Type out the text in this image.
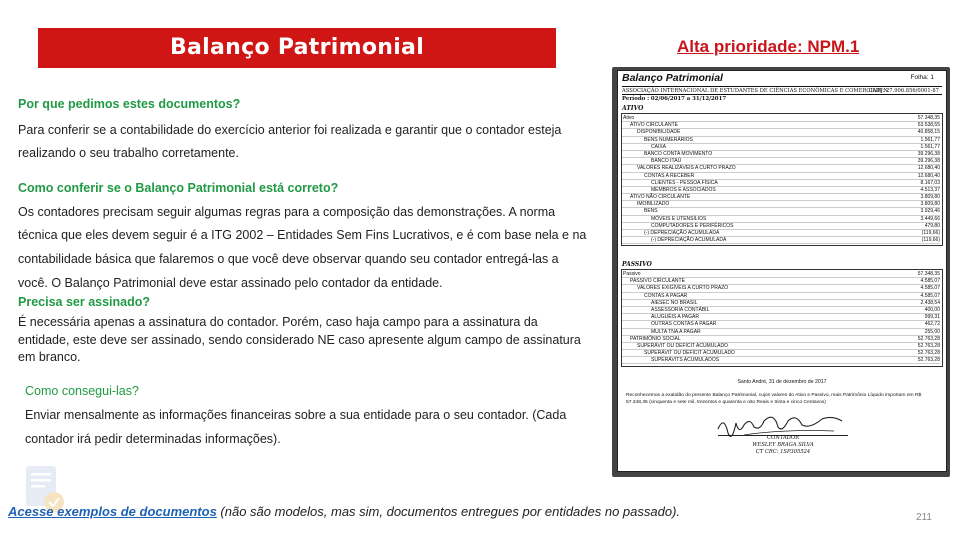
Balanço Patrimonial	Alta prioridade: NPM.1
Por que pedimos estes documentos?
Para conferir se a contabilidade do exercício anterior foi realizada e garantir que o contador esteja
realizando o seu trabalho corretamente.
Como conferir se o Balanço Patrimonial está correto?
Os contadores precisam seguir algumas regras para a composição das demonstrações. A norma
técnica que eles devem seguir é a ITG 2002 – Entidades Sem Fins Lucrativos, e é com base nela e na
contabilidade básica que falaremos o que você deve observar quando seu contador entregá-las a
você. O Balanço Patrimonial deve estar assinado pelo contador da entidade.
Precisa ser assinado?
É necessária apenas a assinatura do contador. Porém, caso haja campo para a assinatura da
entidade, este deve ser assinado, sendo considerado NE caso apresente algum campo de assinatura
em branco.
Como consegui-las?
Enviar mensalmente as informações financeiras sobre a sua entidade para o seu contador. (Cada
contador irá pedir determinadas informações).
Balanço Patrimonial	Folha: 1
ASSOCIAÇÃO INTERNACIONAL DE ESTUDANTES DE CIÊNCIAS ECONÔMICAS E COMERCIAIS N
CNPJ: 27.906.856/0001-87
Período : 02/06/2017 a 31/12/2017
ATIVO
Ativo	57.348,35
ATIVO CIRCULANTE	53.538,55
DISPONIBILIDADE	40.858,15
BENS NUMERÁRIOS	1.561,77
CAIXA	1.561,77
BANCO CONTA MOVIMENTO	39.296,38
BANCO ITAÚ	39.296,38
VALORES REALIZÁVEIS A CURTO PRAZO	12.680,40
CONTAS A RECEBER	12.680,40
CLIENTES - PESSOA FÍSICA	8.167,03
MEMBROS E ASSOCIADOS	4.513,37
ATIVO NÃO CIRCULANTE	3.809,80
IMOBILIZADO	3.809,80
BENS	3.929,46
MÓVEIS E UTENSÍLIOS	3.449,66
COMPUTADORES E PERIFÉRICOS	479,80
(-) DEPRECIAÇÃO ACUMULADA	(119,66)
(-) DEPRECIAÇÃO ACUMULADA	(119,66)
PASSIVO
Passivo	57.348,35
PASSIVO CIRCULANTE	4.585,07
VALORES EXIGÍVEIS A CURTO PRAZO	4.585,07
CONTAS A PAGAR	4.585,07
AIESEC NO BRASIL	2.438,54
ASSESSORIA CONTÁBIL	400,00
ALUGUÉIS A PAGAR	999,31
OUTRAS CONTAS A PAGAR	462,72
MULTA TNA A PAGAR	255,00
PATRIMÔNIO SOCIAL	52.763,28
SUPERÁVIT OU DEFICIT ACUMULADO	52.763,28
SUPERÁVIT OU DEFICIT ACUMULADO	52.763,28
SUPERÁVITS ACUMULADOS	52.763,28
Santo André, 31 de dezembro de 2017
Reconhecemos a exatidão do presente Balanço Patrimonial, cujos valores do Ativo e Passivo, mais Patrimônio Líquido importam em R$ 57.348,35 (cinquenta e sete mil, trezentos e quarenta e oito Reais e trinta e cinco Centavos)
CONTADOR
WESLEY BRAGA SILVA
CT CRC: 1SP305524
Acesse exemplos de documentos (não são modelos, mas sim, documentos entregues por entidades no passado).	211
